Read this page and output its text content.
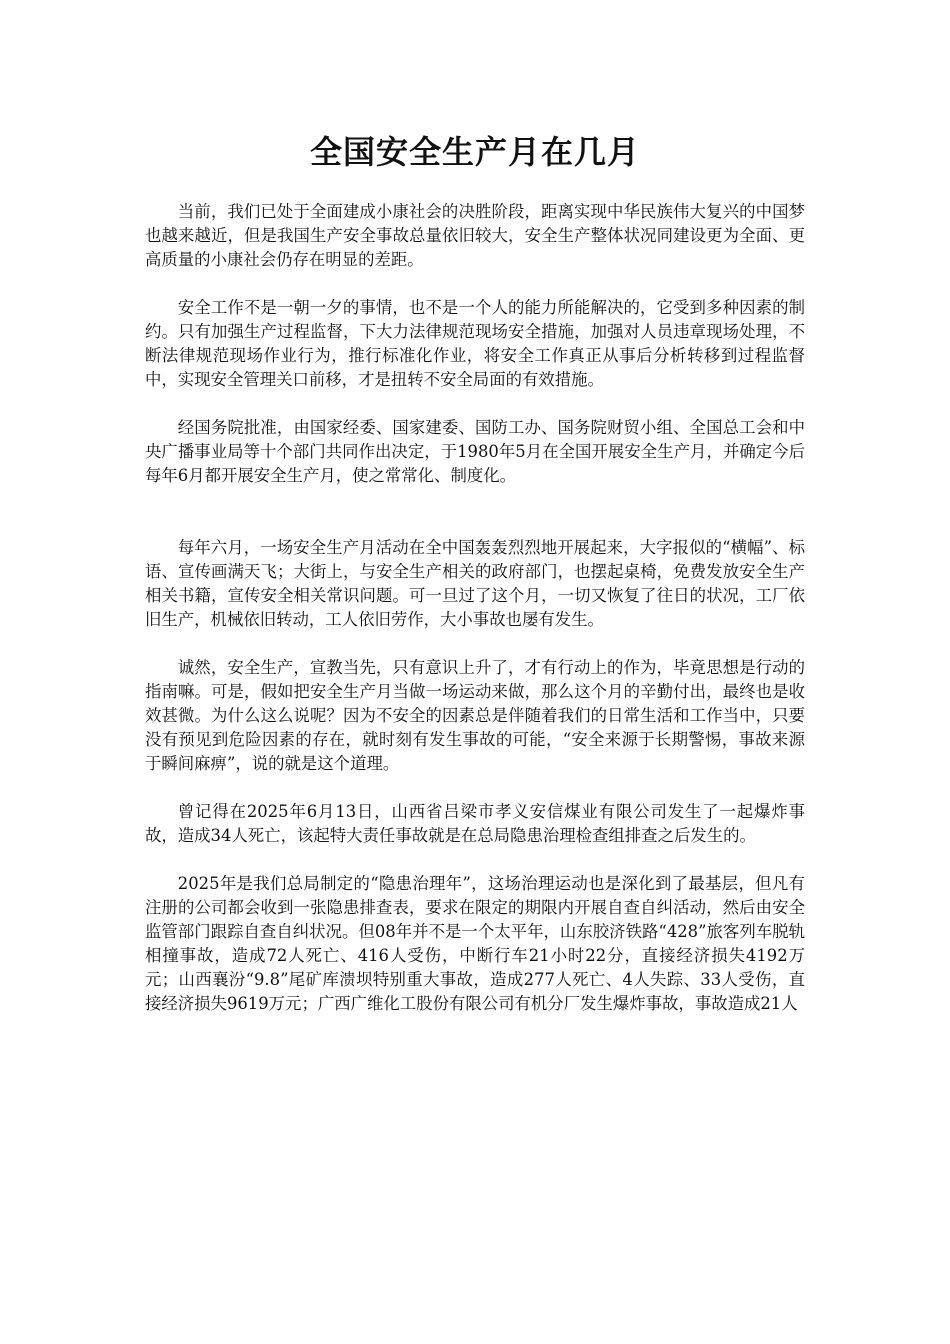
全国安全生产月在几月

当前，我们已处于全面建成小康社会的决胜阶段，距离实现中华民族伟大复兴的中国梦也越来越近，但是我国生产安全事故总量依旧较大，安全生产整体状况同建设更为全面、更高质量的小康社会仍存在明显的差距。

安全工作不是一朝一夕的事情，也不是一个人的能力所能解决的，它受到多种因素的制约。只有加强生产过程监督，下大力法律规范现场安全措施，加强对人员违章现场处理，不断法律规范现场作业行为，推行标准化作业，将安全工作真正从事后分析转移到过程监督中，实现安全管理关口前移，才是扭转不安全局面的有效措施。

经国务院批准，由国家经委、国家建委、国防工办、国务院财贸小组、全国总工会和中央广播事业局等十个部门共同作出决定，于1980年5月在全国开展安全生产月，并确定今后每年6月都开展安全生产月，使之常常化、制度化。

每年六月，一场安全生产月活动在全中国轰轰烈烈地开展起来，大字报似的“横幅”、标语、宣传画满天飞；大街上，与安全生产相关的政府部门，也摆起桌椅，免费发放安全生产相关书籍，宣传安全相关常识问题。可一旦过了这个月，一切又恢复了往日的状况，工厂依旧生产，机械依旧转动，工人依旧劳作，大小事故也屡有发生。

诚然，安全生产，宣教当先，只有意识上升了，才有行动上的作为，毕竟思想是行动的指南嘛。可是，假如把安全生产月当做一场运动来做，那么这个月的辛勤付出，最终也是收效甚微。为什么这么说呢？因为不安全的因素总是伴随着我们的日常生活和工作当中，只要没有预见到危险因素的存在，就时刻有发生事故的可能，“安全来源于长期警惕，事故来源于瞬间麻痹”，说的就是这个道理。

曾记得在2025年6月13日，山西省吕梁市孝义安信煤业有限公司发生了一起爆炸事故，造成34人死亡，该起特大责任事故就是在总局隐患治理检查组排查之后发生的。

2025年是我们总局制定的“隐患治理年”，这场治理运动也是深化到了最基层，但凡有注册的公司都会收到一张隐患排查表，要求在限定的期限内开展自查自纠活动，然后由安全监管部门跟踪自查自纠状况。但08年并不是一个太平年，山东胶济铁路“428”旅客列车脱轨相撞事故，造成72人死亡、416人受伤，中断行车21小时22分，直接经济损失4192万元；山西襄汾“9.8”尾矿库溃坝特别重大事故，造成277人死亡、4人失踪、33人受伤，直接经济损失9619万元；广西广维化工股份有限公司有机分厂发生爆炸事故，事故造成21人
